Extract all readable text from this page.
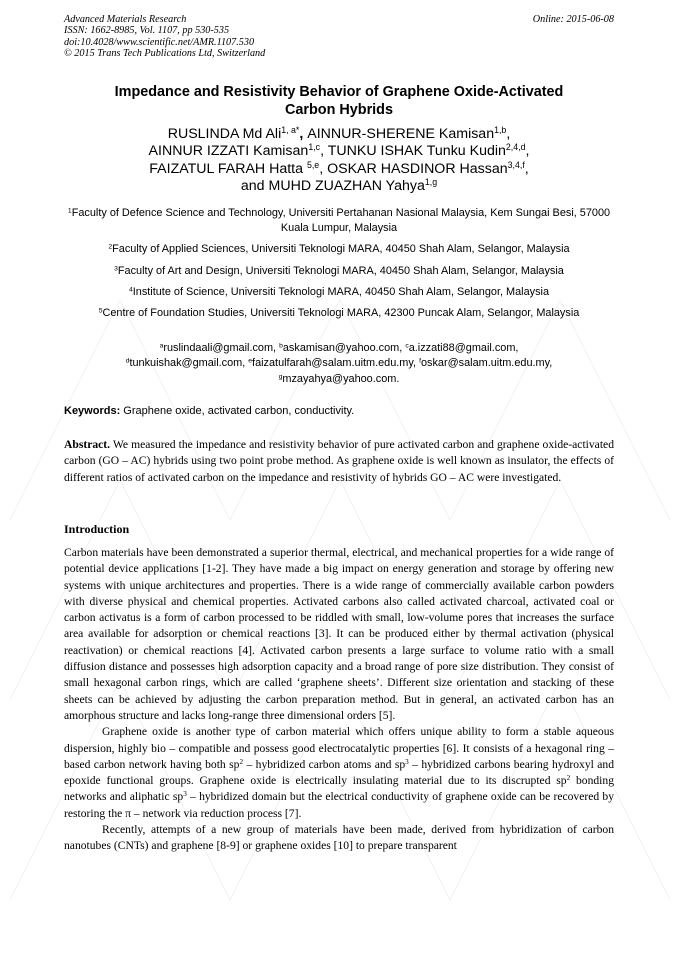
Advanced Materials Research
ISSN: 1662-8985, Vol. 1107, pp 530-535
doi:10.4028/www.scientific.net/AMR.1107.530
© 2015 Trans Tech Publications Ltd, Switzerland
Online: 2015-06-08
Impedance and Resistivity Behavior of Graphene Oxide-Activated
Carbon Hybrids
RUSLINDA Md Ali$^{1, a*}$, AINNUR-SHERENE Kamisan$^{1,b}$,
AINNUR IZZATI Kamisan$^{1,c}$, TUNKU ISHAK Tunku Kudin$^{2,4,d}$,
FAIZATUL FARAH Hatta $^{5,e}$, OSKAR HASDINOR Hassan$^{3,4,f}$,
and MUHD ZUAZHAN Yahya$^{1,g}$
$^1$Faculty of Defence Science and Technology, Universiti Pertahanan Nasional Malaysia, Kem Sungai Besi, 57000 Kuala Lumpur, Malaysia
$^2$Faculty of Applied Sciences, Universiti Teknologi MARA, 40450 Shah Alam, Selangor, Malaysia
$^3$Faculty of Art and Design, Universiti Teknologi MARA, 40450 Shah Alam, Selangor, Malaysia
$^4$Institute of Science, Universiti Teknologi MARA, 40450 Shah Alam, Selangor, Malaysia
$^5$Centre of Foundation Studies, Universiti Teknologi MARA, 42300 Puncak Alam, Selangor, Malaysia
$^a$ruslindaali@gmail.com, $^b$askamisan@yahoo.com, $^c$a.izzati88@gmail.com,
$^d$tunkuishak@gmail.com, $^e$faizatulfarah@salam.uitm.edu.my, $^f$oskar@salam.uitm.edu.my,
$^g$mzayahya@yahoo.com.
Keywords: Graphene oxide, activated carbon, conductivity.
Abstract. We measured the impedance and resistivity behavior of pure activated carbon and graphene oxide-activated carbon (GO – AC) hybrids using two point probe method. As graphene oxide is well known as insulator, the effects of different ratios of activated carbon on the impedance and resistivity of hybrids GO – AC were investigated.
Introduction

Carbon materials have been demonstrated a superior thermal, electrical, and mechanical properties for a wide range of potential device applications [1-2]. They have made a big impact on energy generation and storage by offering new systems with unique architectures and properties. There is a wide range of commercially available carbon powders with diverse physical and chemical properties. Activated carbons also called activated charcoal, activated coal or carbon activatus is a form of carbon processed to be riddled with small, low-volume pores that increases the surface area available for adsorption or chemical reactions [3]. It can be produced either by thermal activation (physical reactivation) or chemical reactions [4]. Activated carbon presents a large surface to volume ratio with a small diffusion distance and possesses high adsorption capacity and a broad range of pore size distribution. They consist of small hexagonal carbon rings, which are called ‘graphene sheets’. Different size orientation and stacking of these sheets can be achieved by adjusting the carbon preparation method. But in general, an activated carbon has an amorphous structure and lacks long-range three dimensional orders [5].

Graphene oxide is another type of carbon material which offers unique ability to form a stable aqueous dispersion, highly bio – compatible and possess good electrocatalytic properties [6]. It consists of a hexagonal ring – based carbon network having both $sp^2$ – hybridized carbon atoms and $sp^3$ – hybridized carbons bearing hydroxyl and epoxide functional groups. Graphene oxide is electrically insulating material due to its discrupted $sp^2$ bonding networks and aliphatic $sp^3$ – hybridized domain but the electrical conductivity of graphene oxide can be recovered by restoring the π – network via reduction process [7].

Recently, attempts of a new group of materials have been made, derived from hybridization of carbon nanotubes (CNTs) and graphene [8-9] or graphene oxides [10] to prepare transparent
